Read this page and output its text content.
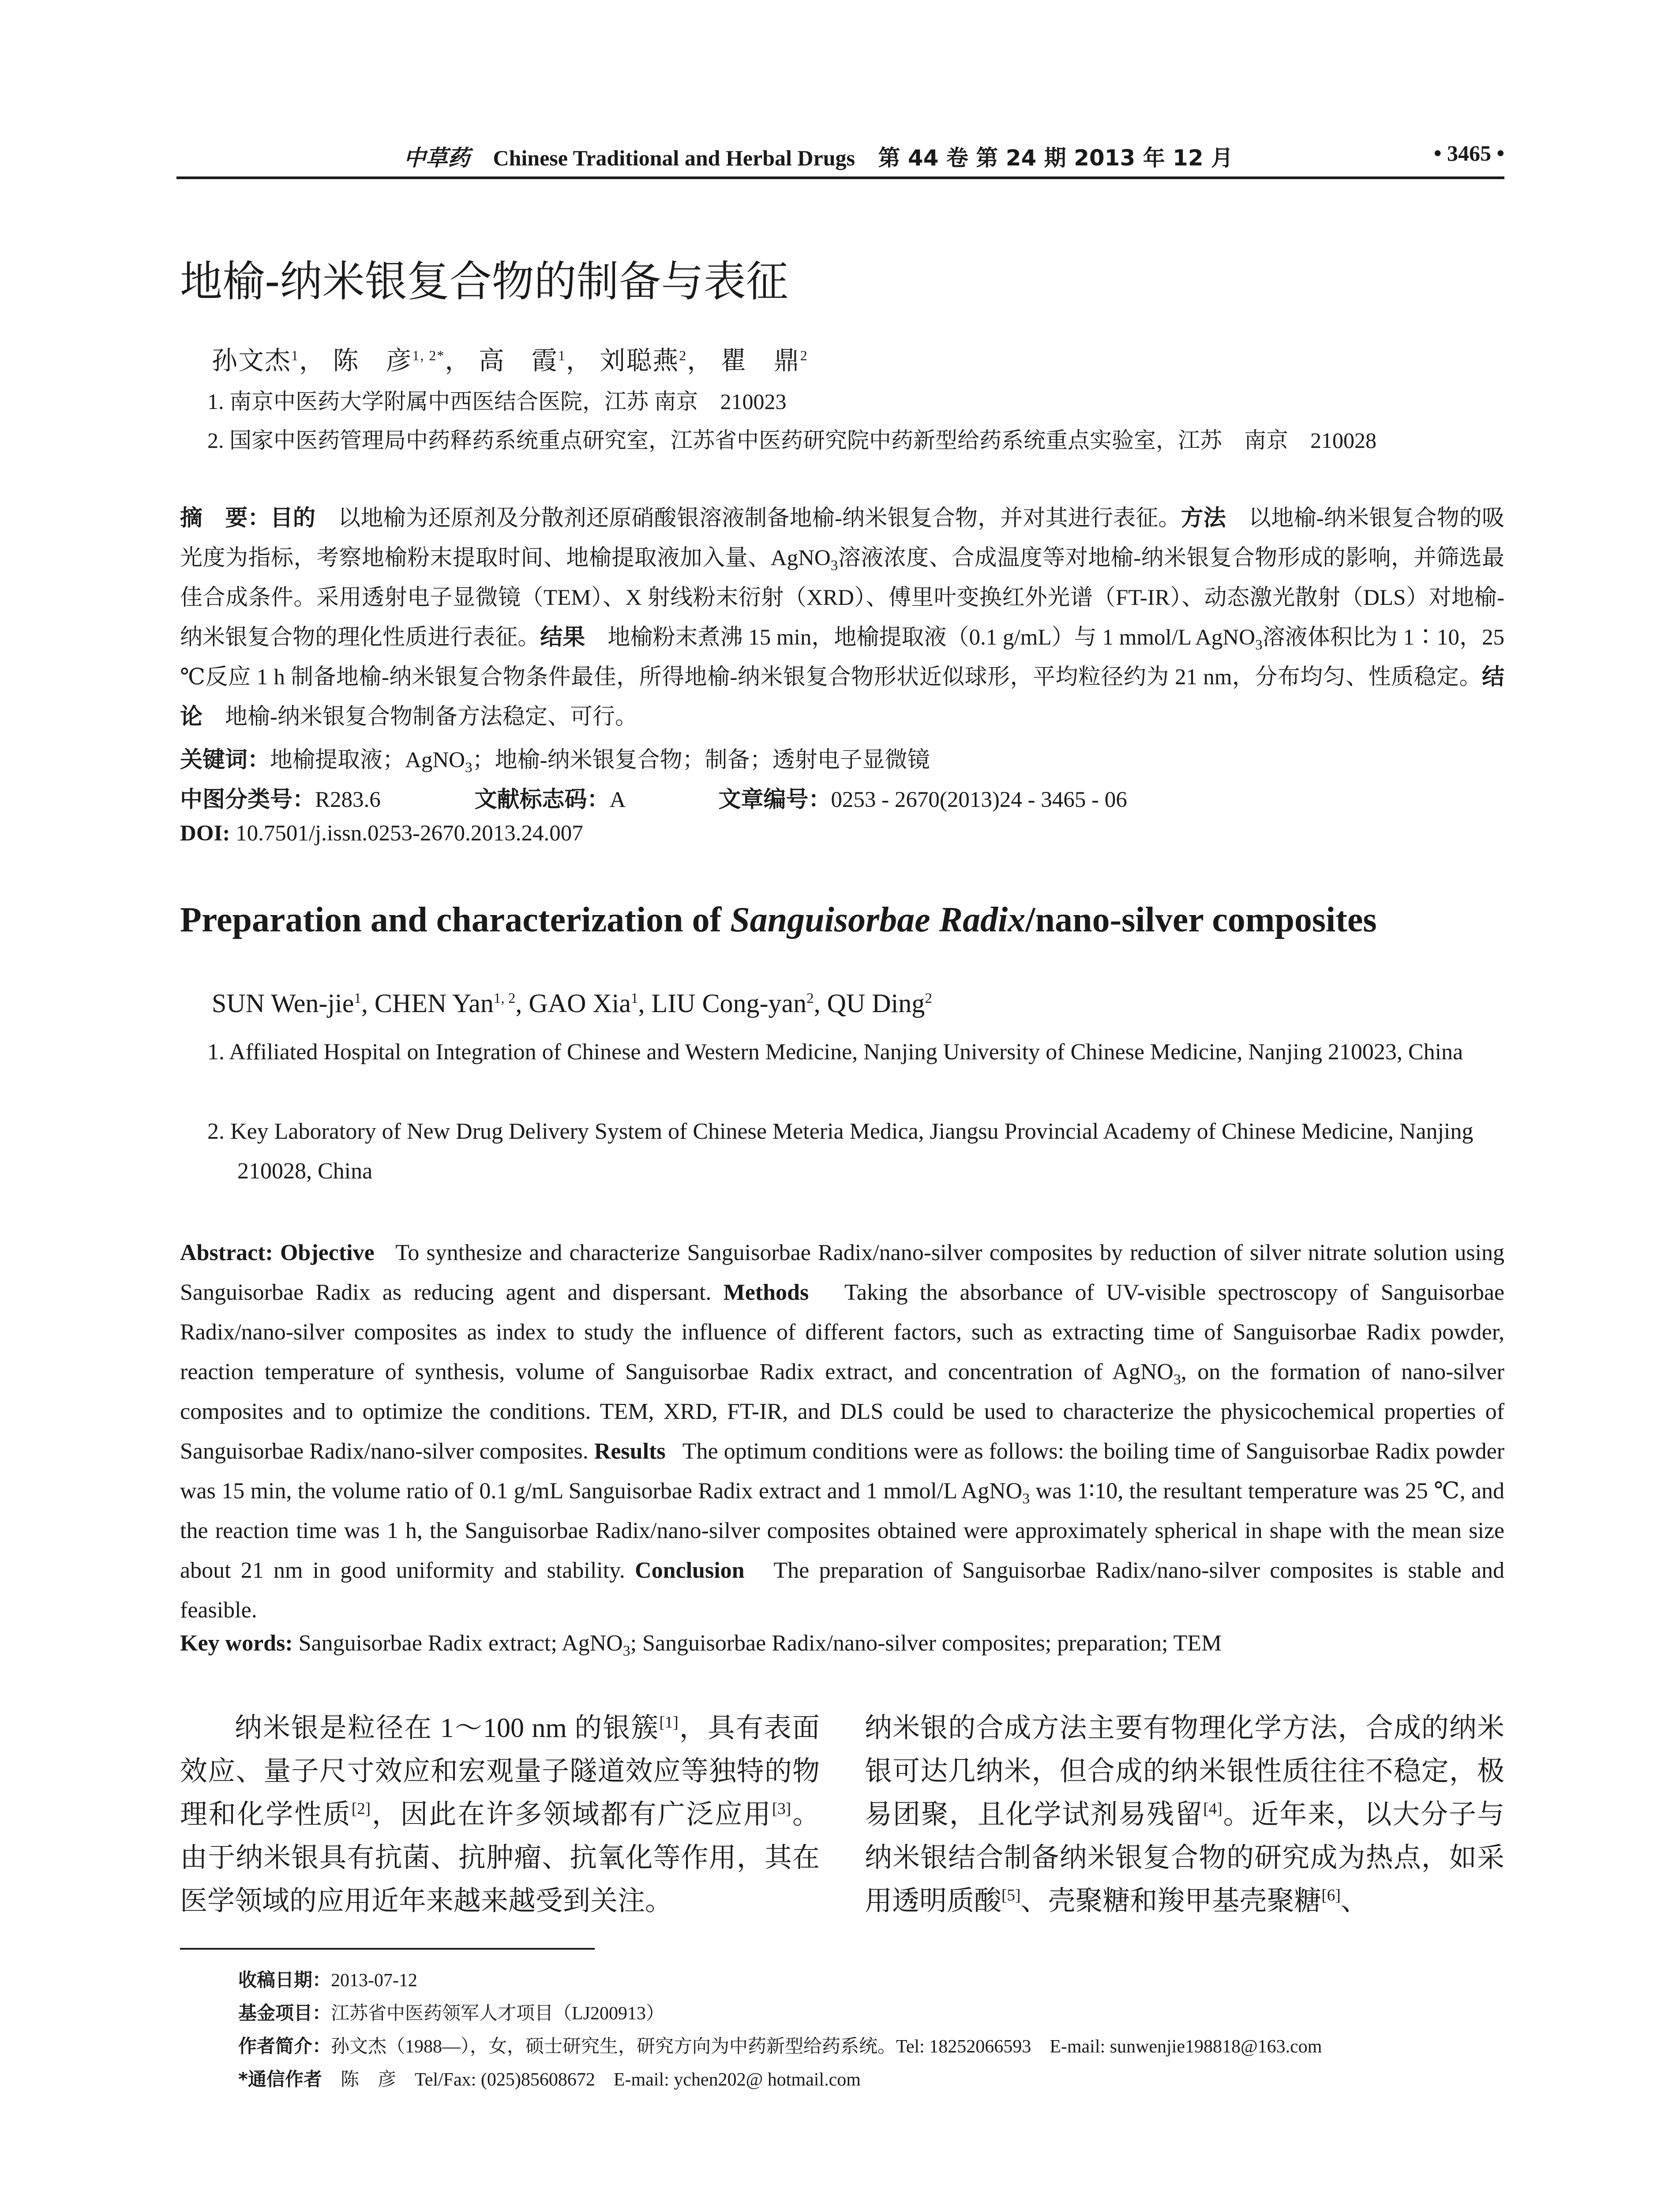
中草药 Chinese Traditional and Herbal Drugs 第 44 卷 第 24 期 2013 年 12 月	• 3465 •
地榆-纳米银复合物的制备与表征
孙文杰$^1$， 陈　彦$^{1, 2*}$， 高　霞$^1$， 刘聪燕$^2$， 瞿　鼎$^2$
1. 南京中医药大学附属中西医结合医院，江苏 南京　210023
2. 国家中医药管理局中药释药系统重点研究室，江苏省中医药研究院中药新型给药系统重点实验室，江苏　南京　210028
摘　要：目的　 以地榆为还原剂及分散剂还原硝酸银溶液制备地榆-纳米银复合物，并对其进行表征。方法　 以地榆-纳米银复合物的吸光度为指标，考察地榆粉末提取时间、地榆提取液加入量、AgNO$_3$溶液浓度、合成温度等对地榆-纳米银复合物形成的影响，并筛选最佳合成条件。采用透射电子显微镜（TEM）、X 射线粉末衍射（XRD）、傅里叶变换红外光谱（FT-IR）、动态激光散射（DLS）对地榆-纳米银复合物的理化性质进行表征。结果　 地榆粉末煮沸 15 min，地榆提取液（0.1 g/mL）与 1 mmol/L AgNO$_3$溶液体积比为 1∶10，25 ℃反应 1 h 制备地榆-纳米银复合物条件最佳，所得地榆-纳米银复合物形状近似球形，平均粒径约为 21 nm，分布均匀、性质稳定。结论　 地榆-纳米银复合物制备方法稳定、可行。
关键词：地榆提取液；AgNO$_3$；地榆-纳米银复合物；制备；透射电子显微镜
中图分类号：R283.6	文献标志码：A	文章编号：0253 - 2670(2013)24 - 3465 - 06
DOI: 10.7501/j.issn.0253-2670.2013.24.007
Preparation and characterization of Sanguisorbae Radix/nano-silver composites
SUN Wen-jie$^1$, CHEN Yan$^{1, 2}$, GAO Xia$^1$, LIU Cong-yan$^2$, QU Ding$^2$
1. Affiliated Hospital on Integration of Chinese and Western Medicine, Nanjing University of Chinese Medicine, Nanjing 210023, China
2. Key Laboratory of New Drug Delivery System of Chinese Meteria Medica, Jiangsu Provincial Academy of Chinese Medicine, Nanjing 210028, China
Abstract: Objective To synthesize and characterize Sanguisorbae Radix/nano-silver composites by reduction of silver nitrate solution using Sanguisorbae Radix as reducing agent and dispersant. Methods Taking the absorbance of UV-visible spectroscopy of Sanguisorbae Radix/nano-silver composites as index to study the influence of different factors, such as extracting time of Sanguisorbae Radix powder, reaction temperature of synthesis, volume of Sanguisorbae Radix extract, and concentration of AgNO$_3$, on the formation of nano-silver composites and to optimize the conditions. TEM, XRD, FT-IR, and DLS could be used to characterize the physicochemical properties of Sanguisorbae Radix/nano-silver composites. Results The optimum conditions were as follows: the boiling time of Sanguisorbae Radix powder was 15 min, the volume ratio of 0.1 g/mL Sanguisorbae Radix extract and 1 mmol/L AgNO$_3$ was 1∶10, the resultant temperature was 25 ℃, and the reaction time was 1 h, the Sanguisorbae Radix/nano-silver composites obtained were approximately spherical in shape with the mean size about 21 nm in good uniformity and stability. Conclusion The preparation of Sanguisorbae Radix/nano-silver composites is stable and feasible.
Key words: Sanguisorbae Radix extract; AgNO$_3$; Sanguisorbae Radix/nano-silver composites; preparation; TEM
纳米银是粒径在 1～100 nm 的银簇[1]，具有表面效应、量子尺寸效应和宏观量子隧道效应等独特的物理和化学性质[2]，因此在许多领域都有广泛应用[3]。由于纳米银具有抗菌、抗肿瘤、抗氧化等作用，其在医学领域的应用近年来越来越受到关注。
纳米银的合成方法主要有物理化学方法，合成的纳米银可达几纳米，但合成的纳米银性质往往不稳定，极易团聚，且化学试剂易残留[4]。近年来，以大分子与纳米银结合制备纳米银复合物的研究成为热点，如采用透明质酸[5]、壳聚糖和羧甲基壳聚糖[6]、
收稿日期：2013-07-12
基金项目：江苏省中医药领军人才项目（LJ200913）
作者简介：孙文杰（1988—），女，硕士研究生，研究方向为中药新型给药系统。Tel: 18252066593　E-mail: sunwenjie198818@163.com
*通信作者　 陈　彦　Tel/Fax: (025)85608672　E-mail: ychen202@ hotmail.com
